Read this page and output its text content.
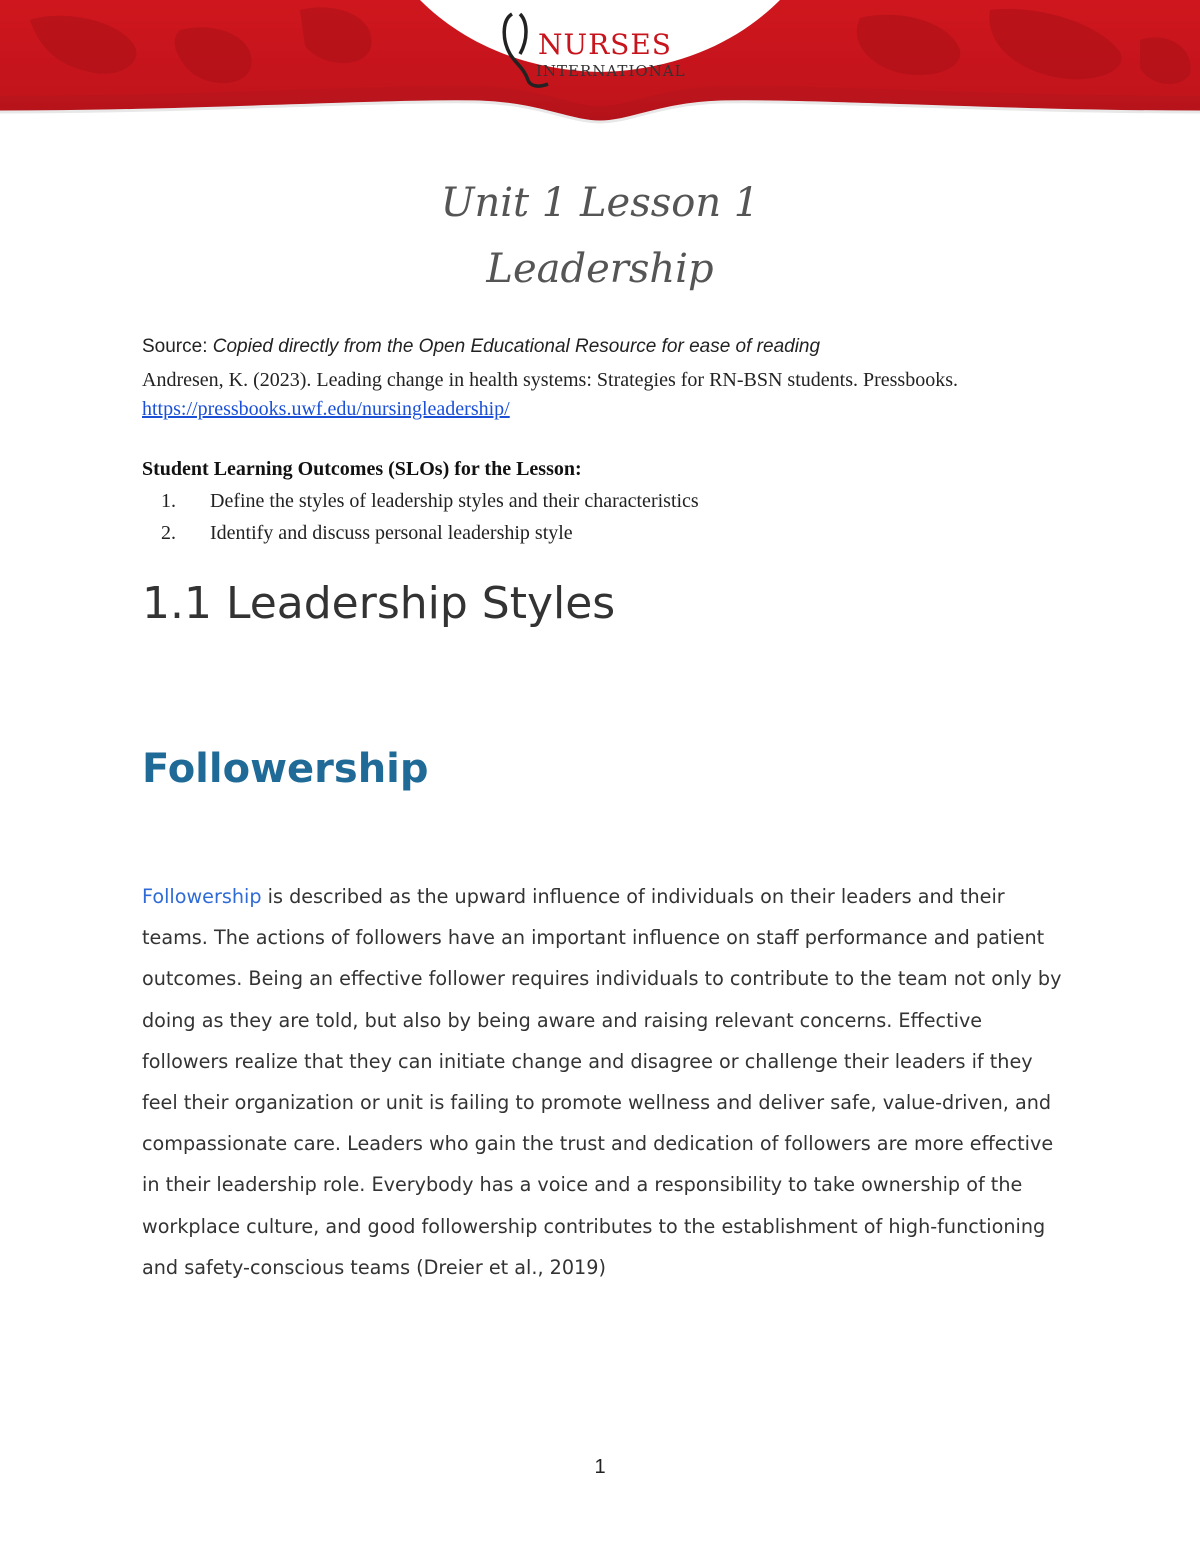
NURSES
INTERNATIONAL
Unit 1 Lesson 1
Leadership
Source: Copied directly from the Open Educational Resource for ease of reading
Andresen, K. (2023). Leading change in health systems: Strategies for RN-BSN students. Pressbooks. https://pressbooks.uwf.edu/nursingleadership/
Student Learning Outcomes (SLOs) for the Lesson:
1. Define the styles of leadership styles and their characteristics
2. Identify and discuss personal leadership style
1.1 Leadership Styles
Followership
Followership is described as the upward influence of individuals on their leaders and their teams. The actions of followers have an important influence on staff performance and patient outcomes. Being an effective follower requires individuals to contribute to the team not only by doing as they are told, but also by being aware and raising relevant concerns. Effective followers realize that they can initiate change and disagree or challenge their leaders if they feel their organization or unit is failing to promote wellness and deliver safe, value-driven, and compassionate care. Leaders who gain the trust and dedication of followers are more effective in their leadership role. Everybody has a voice and a responsibility to take ownership of the workplace culture, and good followership contributes to the establishment of high-functioning and safety-conscious teams (Dreier et al., 2019)
1
